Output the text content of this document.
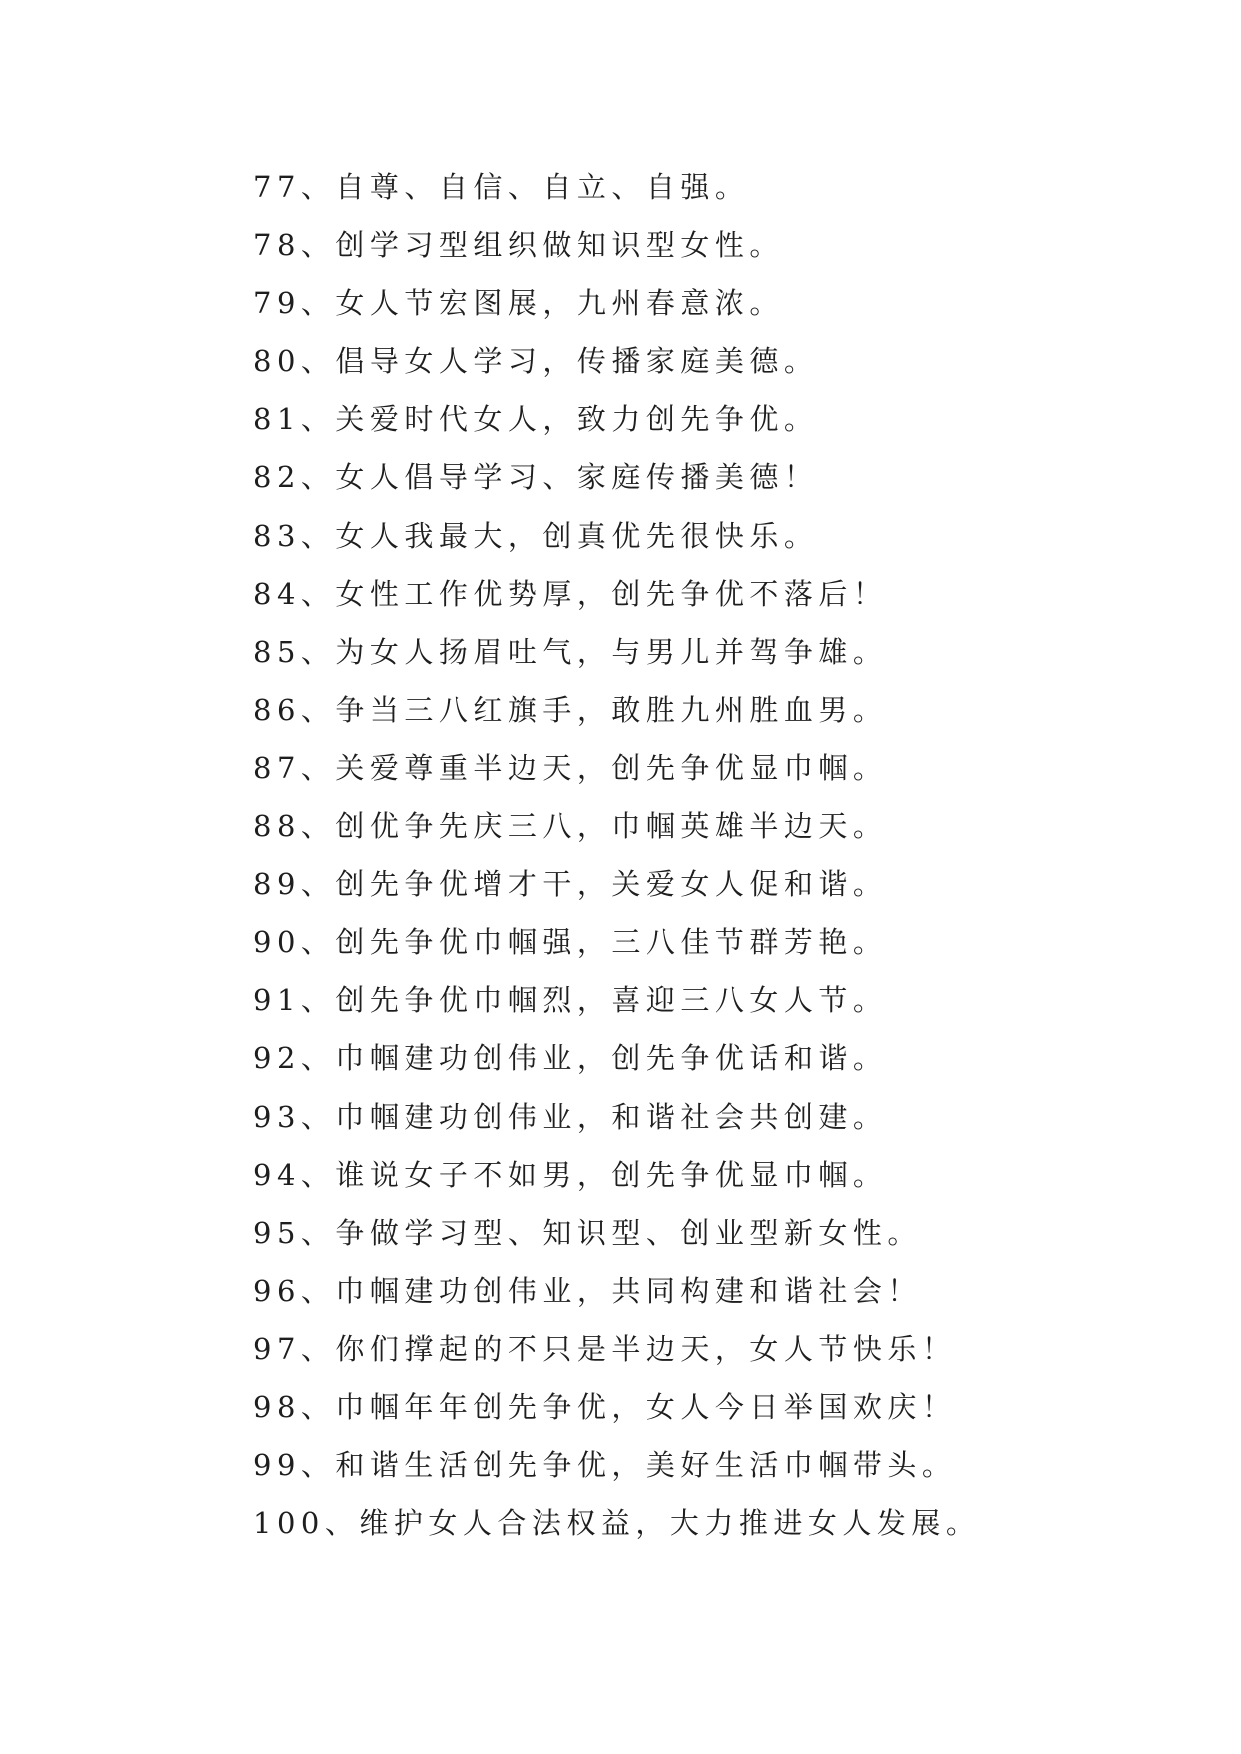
77、自尊、自信、自立、自强。
78、创学习型组织做知识型女性。
79、女人节宏图展，九州春意浓。
80、倡导女人学习，传播家庭美德。
81、关爱时代女人，致力创先争优。
82、女人倡导学习、家庭传播美德！
83、女人我最大，创真优先很快乐。
84、女性工作优势厚，创先争优不落后！
85、为女人扬眉吐气，与男儿并驾争雄。
86、争当三八红旗手，敢胜九州胜血男。
87、关爱尊重半边天，创先争优显巾帼。
88、创优争先庆三八，巾帼英雄半边天。
89、创先争优增才干，关爱女人促和谐。
90、创先争优巾帼强，三八佳节群芳艳。
91、创先争优巾帼烈，喜迎三八女人节。
92、巾帼建功创伟业，创先争优话和谐。
93、巾帼建功创伟业，和谐社会共创建。
94、谁说女子不如男，创先争优显巾帼。
95、争做学习型、知识型、创业型新女性。
96、巾帼建功创伟业，共同构建和谐社会！
97、你们撑起的不只是半边天，女人节快乐！
98、巾帼年年创先争优，女人今日举国欢庆！
99、和谐生活创先争优，美好生活巾帼带头。
100、维护女人合法权益，大力推进女人发展。
